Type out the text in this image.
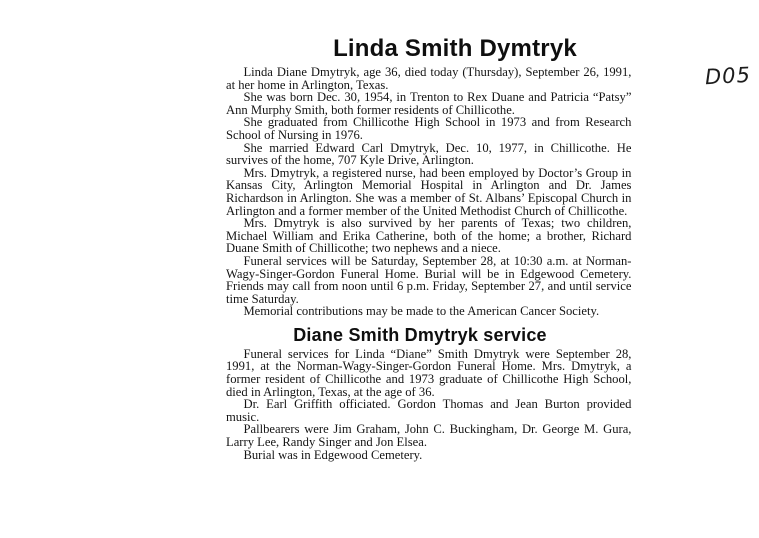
Linda Smith Dymtryk

Linda Diane Dmytryk, age 36, died today (Thursday), September 26, 1991, at her home in Arlington, Texas.

She was born Dec. 30, 1954, in Trenton to Rex Duane and Patricia “Patsy” Ann Murphy Smith, both former residents of Chillicothe.

She graduated from Chillicothe High School in 1973 and from Research School of Nursing in 1976.

She married Edward Carl Dmytryk, Dec. 10, 1977, in Chillicothe. He survives of the home, 707 Kyle Drive, Arlington.

Mrs. Dmytryk, a registered nurse, had been employed by Doctor’s Group in Kansas City, Arlington Memorial Hospital in Arlington and Dr. James Richardson in Arlington. She was a member of St. Albans’ Episcopal Church in Arlington and a former member of the United Methodist Church of Chillicothe.

Mrs. Dmytryk is also survived by her parents of Texas; two children, Michael William and Erika Catherine, both of the home; a brother, Richard Duane Smith of Chillicothe; two nephews and a niece.

Funeral services will be Saturday, September 28, at 10:30 a.m. at Norman-Wagy-Singer-Gordon Funeral Home. Burial will be in Edgewood Cemetery. Friends may call from noon until 6 p.m. Friday, September 27, and until service time Saturday.

Memorial contributions may be made to the American Cancer Society.

Diane Smith Dmytryk service

Funeral services for Linda “Diane” Smith Dmytryk were September 28, 1991, at the Norman-Wagy-Singer-Gordon Funeral Home. Mrs. Dmytryk, a former resident of Chillicothe and 1973 graduate of Chillicothe High School, died in Arlington, Texas, at the age of 36.

Dr. Earl Griffith officiated. Gordon Thomas and Jean Burton provided music.

Pallbearers were Jim Graham, John C. Buckingham, Dr. George M. Gura, Larry Lee, Randy Singer and Jon Elsea.

Burial was in Edgewood Cemetery.

D05
